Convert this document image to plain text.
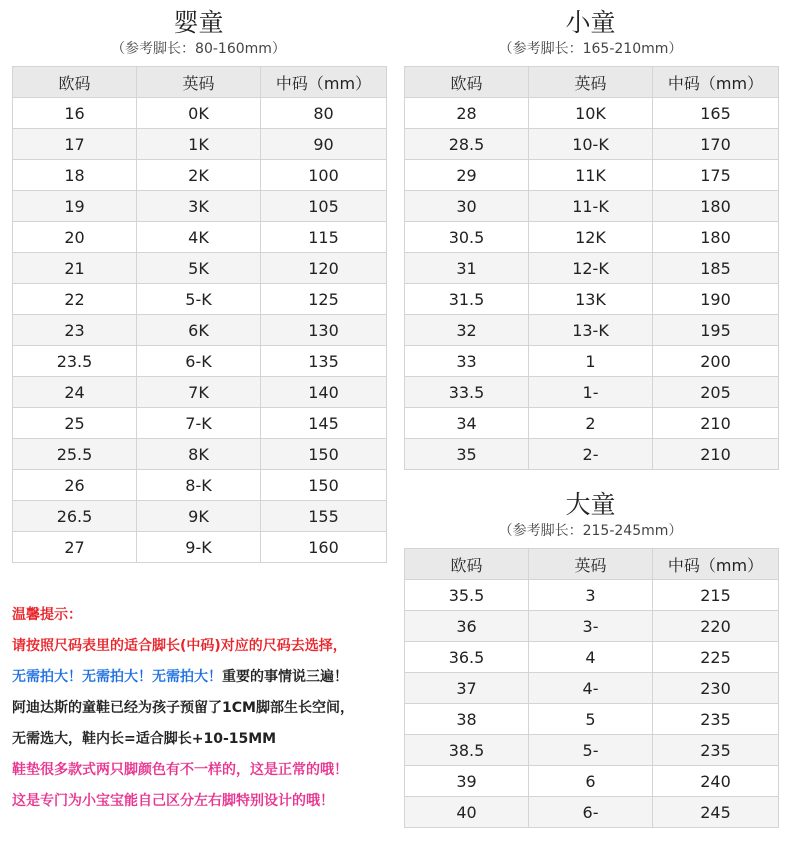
婴童
（参考脚长：80-160mm）
欧码	英码	中码（mm）
16	0K	80
17	1K	90
18	2K	100
19	3K	105
20	4K	115
21	5K	120
22	5-K	125
23	6K	130
23.5	6-K	135
24	7K	140
25	7-K	145
25.5	8K	150
26	8-K	150
26.5	9K	155
27	9-K	160
小童
（参考脚长：165-210mm）
欧码	英码	中码（mm）
28	10K	165
28.5	10-K	170
29	11K	175
30	11-K	180
30.5	12K	180
31	12-K	185
31.5	13K	190
32	13-K	195
33	1	200
33.5	1-	205
34	2	210
35	2-	210
大童
（参考脚长：215-245mm）
欧码	英码	中码（mm）
35.5	3	215
36	3-	220
36.5	4	225
37	4-	230
38	5	235
38.5	5-	235
39	6	240
40	6-	245
温馨提示：
请按照尺码表里的适合脚长(中码)对应的尺码去选择，
无需拍大！无需拍大！无需拍大！重要的事情说三遍！
阿迪达斯的童鞋已经为孩子预留了1CM脚部生长空间，
无需选大，鞋内长=适合脚长+10-15MM
鞋垫很多款式两只脚颜色有不一样的，这是正常的哦！
这是专门为小宝宝能自己区分左右脚特别设计的哦！
